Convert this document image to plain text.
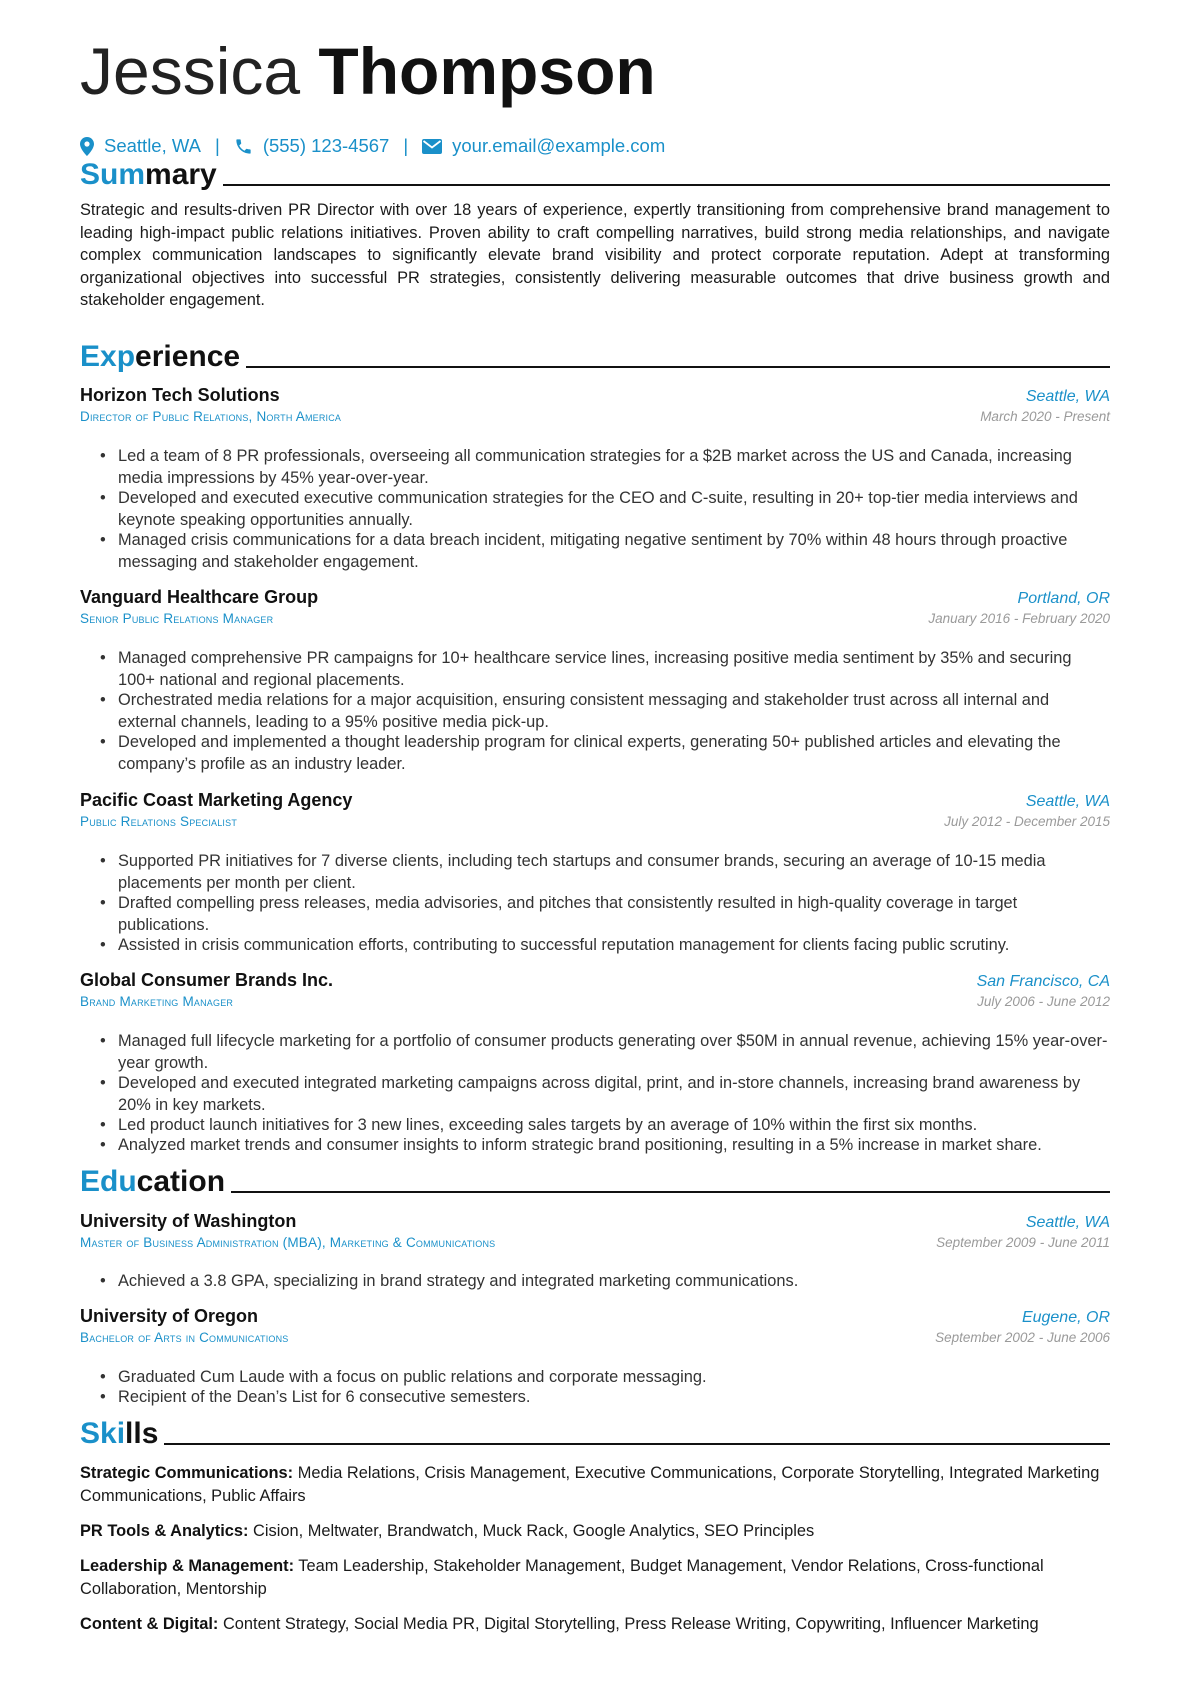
Jessica Thompson
Seattle, WA | (555) 123-4567 | your.email@example.com
Sum mary
Strategic and results-driven PR Director with over 18 years of experience, expertly transitioning from comprehensive brand management to leading high-impact public relations initiatives. Proven ability to craft compelling narratives, build strong media relationships, and navigate complex communication landscapes to significantly elevate brand visibility and protect corporate reputation. Adept at transforming organizational objectives into successful PR strategies, consistently delivering measurable outcomes that drive business growth and stakeholder engagement.
Exp erience
Horizon Tech Solutions	Seattle, WA
Director of Public Relations, North America	March 2020 - Present
• Led a team of 8 PR professionals, overseeing all communication strategies for a $2B market across the US and Canada, increasing media impressions by 45% year-over-year.
• Developed and executed executive communication strategies for the CEO and C-suite, resulting in 20+ top-tier media interviews and keynote speaking opportunities annually.
• Managed crisis communications for a data breach incident, mitigating negative sentiment by 70% within 48 hours through proactive messaging and stakeholder engagement.
Vanguard Healthcare Group	Portland, OR
Senior Public Relations Manager	January 2016 - February 2020
• Managed comprehensive PR campaigns for 10+ healthcare service lines, increasing positive media sentiment by 35% and securing 100+ national and regional placements.
• Orchestrated media relations for a major acquisition, ensuring consistent messaging and stakeholder trust across all internal and external channels, leading to a 95% positive media pick-up.
• Developed and implemented a thought leadership program for clinical experts, generating 50+ published articles and elevating the company’s profile as an industry leader.
Pacific Coast Marketing Agency	Seattle, WA
Public Relations Specialist	July 2012 - December 2015
• Supported PR initiatives for 7 diverse clients, including tech startups and consumer brands, securing an average of 10-15 media placements per month per client.
• Drafted compelling press releases, media advisories, and pitches that consistently resulted in high-quality coverage in target publications.
• Assisted in crisis communication efforts, contributing to successful reputation management for clients facing public scrutiny.
Global Consumer Brands Inc.	San Francisco, CA
Brand Marketing Manager	July 2006 - June 2012
• Managed full lifecycle marketing for a portfolio of consumer products generating over $50M in annual revenue, achieving 15% year-over-year growth.
• Developed and executed integrated marketing campaigns across digital, print, and in-store channels, increasing brand awareness by 20% in key markets.
• Led product launch initiatives for 3 new lines, exceeding sales targets by an average of 10% within the first six months.
• Analyzed market trends and consumer insights to inform strategic brand positioning, resulting in a 5% increase in market share.
Edu cation
University of Washington	Seattle, WA
Master of Business Administration (MBA), Marketing & Communications	September 2009 - June 2011
• Achieved a 3.8 GPA, specializing in brand strategy and integrated marketing communications.
University of Oregon	Eugene, OR
Bachelor of Arts in Communications	September 2002 - June 2006
• Graduated Cum Laude with a focus on public relations and corporate messaging.
• Recipient of the Dean’s List for 6 consecutive semesters.
Ski lls
Strategic Communications: Media Relations, Crisis Management, Executive Communications, Corporate Storytelling, Integrated Marketing Communications, Public Affairs
PR Tools & Analytics: Cision, Meltwater, Brandwatch, Muck Rack, Google Analytics, SEO Principles
Leadership & Management: Team Leadership, Stakeholder Management, Budget Management, Vendor Relations, Cross-functional Collaboration, Mentorship
Content & Digital: Content Strategy, Social Media PR, Digital Storytelling, Press Release Writing, Copywriting, Influencer Marketing
